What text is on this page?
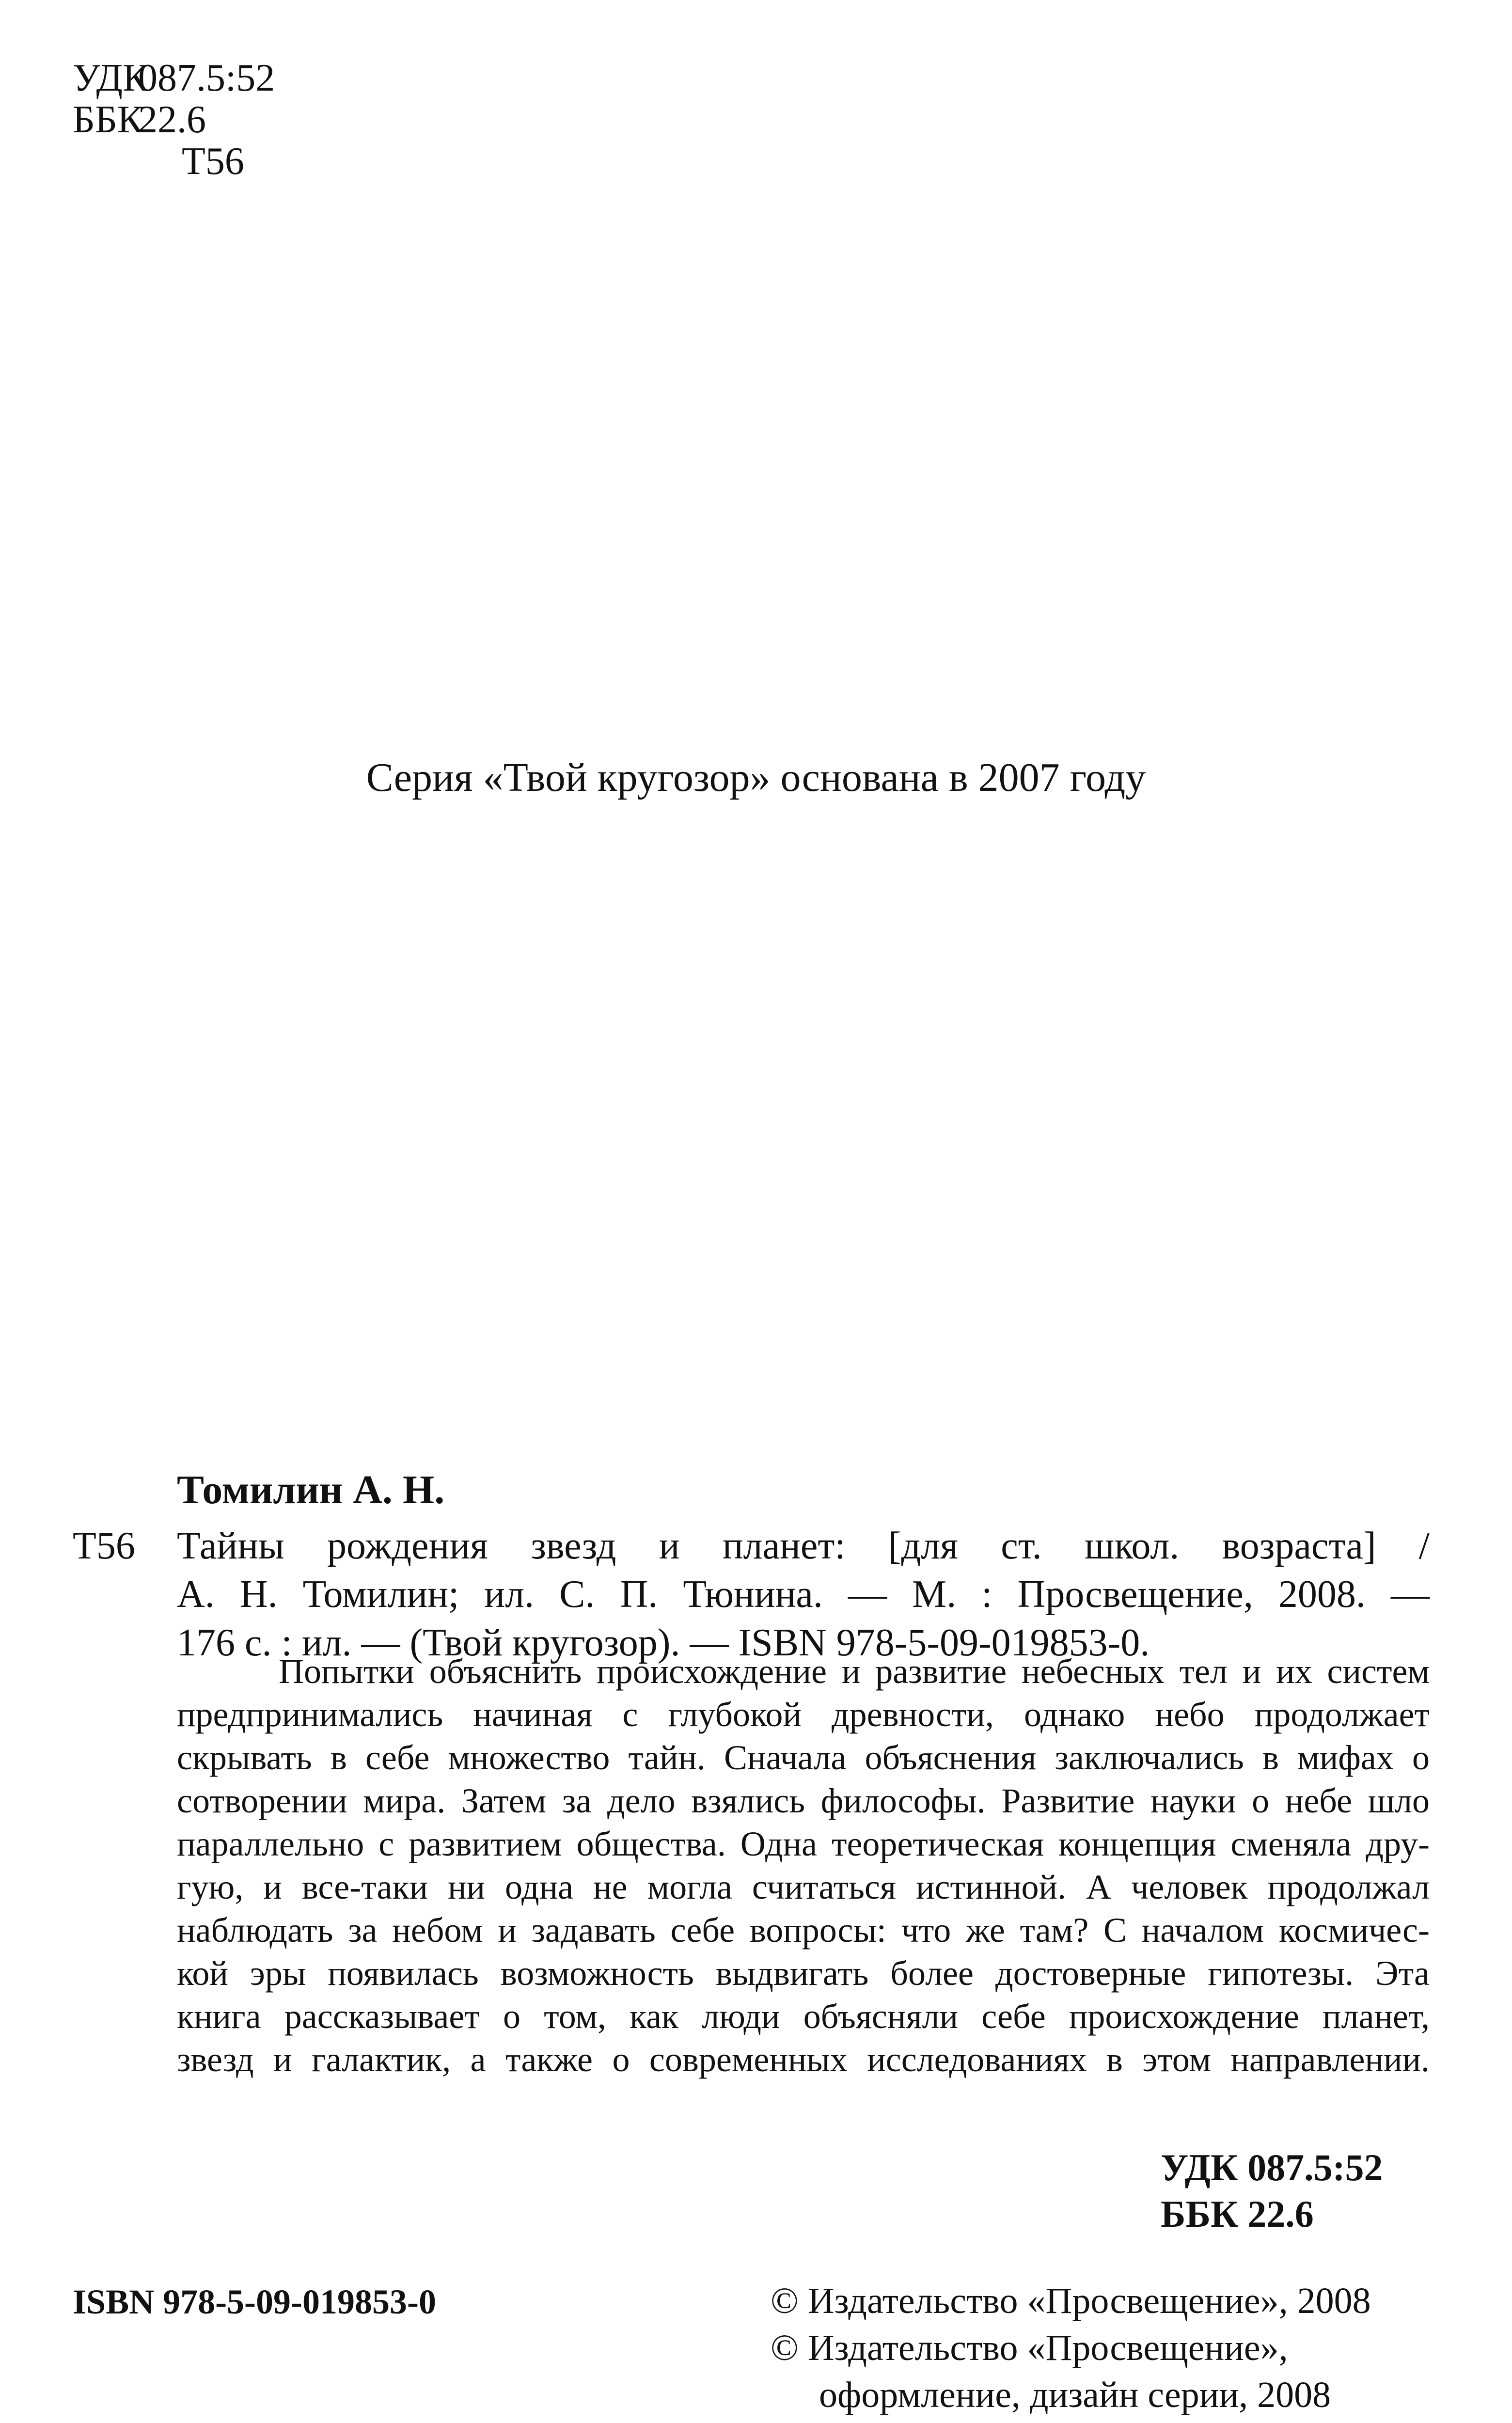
УДК087.5:52
ББК22.6
Т56
Серия «Твой кругозор» основана в 2007 году
Томилин А. Н.
Т56 Тайны рождения звезд и планет: [для ст. школ. возраста] /
А. Н. Томилин; ил. С. П. Тюнина. — М. : Просвещение, 2008. —
176 с. : ил. — (Твой кругозор). — ISBN 978-5-09-019853-0.
Попытки объяснить происхождение и развитие небесных тел и их систем
предпринимались начиная с глубокой древности, однако небо продолжает
скрывать в себе множество тайн. Сначала объяснения заключались в мифах о
сотворении мира. Затем за дело взялись философы. Развитие науки о небе шло
параллельно с развитием общества. Одна теоретическая концепция сменяла дру-
гую, и все-таки ни одна не могла считаться истинной. А человек продолжал
наблюдать за небом и задавать себе вопросы: что же там? С началом космичес-
кой эры появилась возможность выдвигать более достоверные гипотезы. Эта
книга рассказывает о том, как люди объясняли себе происхождение планет,
звезд и галактик, а также о современных исследованиях в этом направлении.
УДК 087.5:52
ББК 22.6
ISBN 978-5-09-019853-0	© Издательство «Просвещение», 2008
© Издательство «Просвещение»,
оформление, дизайн серии, 2008
